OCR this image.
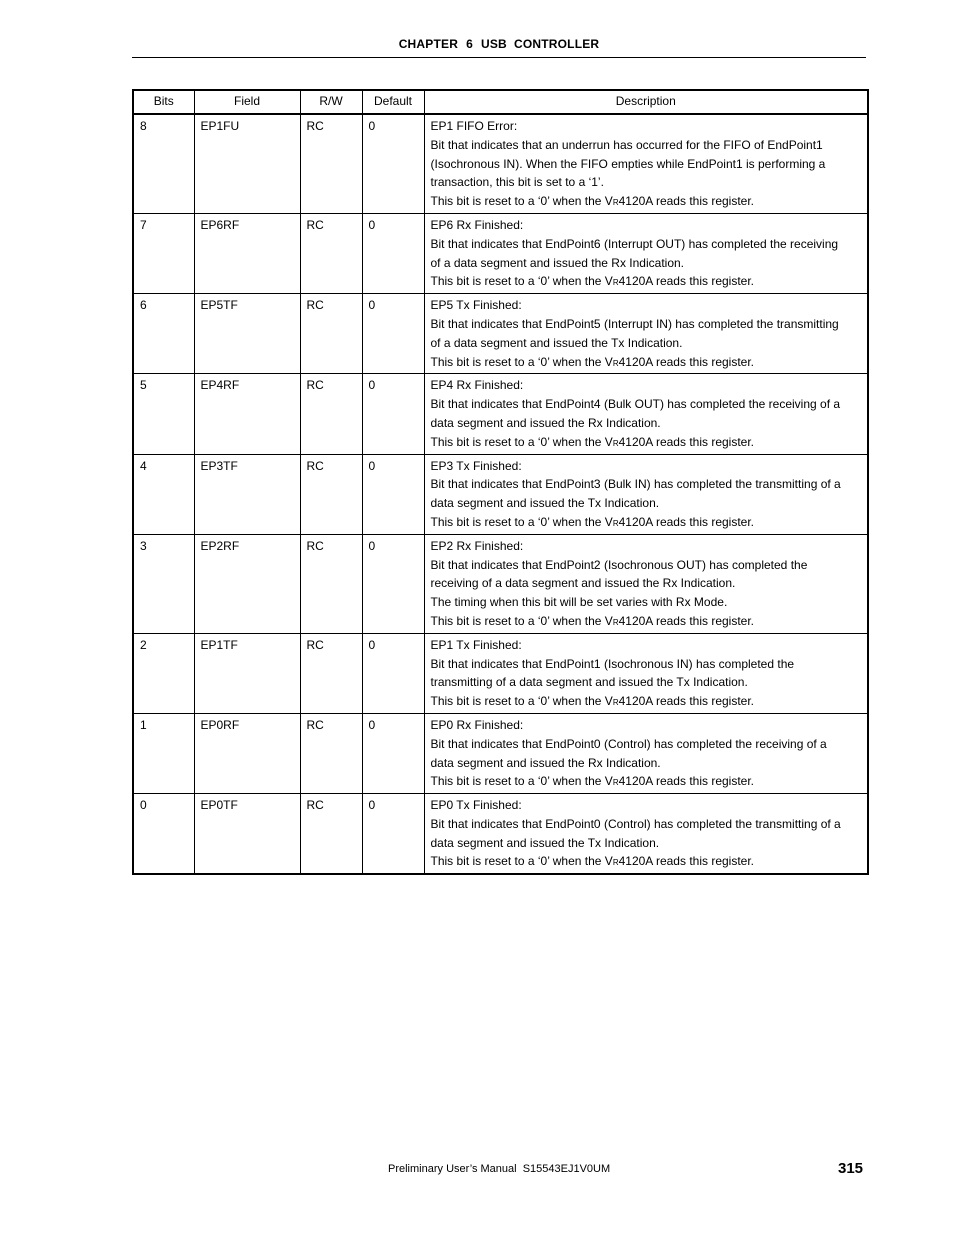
CHAPTER 6 USB  CONTROLLER
Bits	Field	R/W	Default	Description
8	EP1FU	RC	0	EP1 FIFO Error:
Bit that indicates that an underrun has occurred for the FIFO of EndPoint1
(Isochronous IN). When the FIFO empties while EndPoint1 is performing a
transaction, this bit is set to a ‘1’.
This bit is reset to a ‘0’ when the VR4120A reads this register.

7	EP6RF	RC	0	EP6 Rx Finished:
Bit that indicates that EndPoint6 (Interrupt OUT) has completed the receiving
of a data segment and issued the Rx Indication.
This bit is reset to a ‘0’ when the VR4120A reads this register.

6	EP5TF	RC	0	EP5 Tx Finished:
Bit that indicates that EndPoint5 (Interrupt IN) has completed the transmitting
of a data segment and issued the Tx Indication.
This bit is reset to a ‘0’ when the VR4120A reads this register.

5	EP4RF	RC	0	EP4 Rx Finished:
Bit that indicates that EndPoint4 (Bulk OUT) has completed the receiving of a
data segment and issued the Rx Indication.
This bit is reset to a ‘0’ when the VR4120A reads this register.

4	EP3TF	RC	0	EP3 Tx Finished:
Bit that indicates that EndPoint3 (Bulk IN) has completed the transmitting of a
data segment and issued the Tx Indication.
This bit is reset to a ‘0’ when the VR4120A reads this register.

3	EP2RF	RC	0	EP2 Rx Finished:
Bit that indicates that EndPoint2 (Isochronous OUT) has completed the
receiving of a data segment and issued the Rx Indication.
The timing when this bit will be set varies with Rx Mode.
This bit is reset to a ‘0’ when the VR4120A reads this register.

2	EP1TF	RC	0	EP1 Tx Finished:
Bit that indicates that EndPoint1 (Isochronous IN) has completed the
transmitting of a data segment and issued the Tx Indication.
This bit is reset to a ‘0’ when the VR4120A reads this register.

1	EP0RF	RC	0	EP0 Rx Finished:
Bit that indicates that EndPoint0 (Control) has completed the receiving of a
data segment and issued the Rx Indication.
This bit is reset to a ‘0’ when the VR4120A reads this register.

0	EP0TF	RC	0	EP0 Tx Finished:
Bit that indicates that EndPoint0 (Control) has completed the transmitting of a
data segment and issued the Tx Indication.
This bit is reset to a ‘0’ when the VR4120A reads this register.
Preliminary User’s Manual  S15543EJ1V0UM	315
